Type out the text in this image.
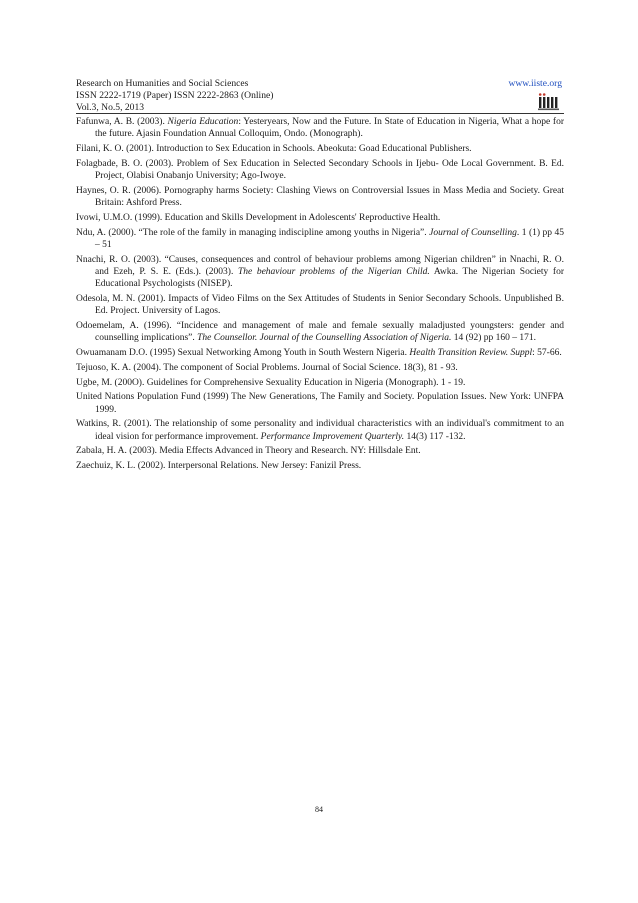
Research on Humanities and Social Sciences
ISSN 2222-1719 (Paper) ISSN 2222-2863 (Online)
Vol.3, No.5, 2013
www.iiste.org
Fafunwa, A. B. (2003). Nigeria Education: Yesteryears, Now and the Future. In State of Education in Nigeria, What a hope for the future. Ajasin Foundation Annual Colloquim, Ondo. (Monograph).
Filani, K. O. (2001). Introduction to Sex Education in Schools. Abeokuta: Goad Educational Publishers.
Folagbade, B. O. (2003). Problem of Sex Education in Selected Secondary Schools in Ijebu- Ode Local Government. B. Ed. Project, Olabisi Onabanjo University; Ago-Iwoye.
Haynes, O. R. (2006). Pornography harms Society: Clashing Views on Controversial Issues in Mass Media and Society. Great Britain: Ashford Press.
Ivowi, U.M.O. (1999). Education and Skills Development in Adolescents' Reproductive Health.
Ndu, A. (2000). “The role of the family in managing indiscipline among youths in Nigeria”. Journal of Counselling. 1 (1) pp 45 – 51
Nnachi, R. O. (2003). “Causes, consequences and control of behaviour problems among Nigerian children” in Nnachi, R. O. and Ezeh, P. S. E. (Eds.). (2003). The behaviour problems of the Nigerian Child. Awka. The Nigerian Society for Educational Psychologists (NISEP).
Odesola, M. N. (2001). Impacts of Video Films on the Sex Attitudes of Students in Senior Secondary Schools. Unpublished B. Ed. Project. University of Lagos.
Odoemelam, A. (1996). “Incidence and management of male and female sexually maladjusted youngsters: gender and counselling implications”. The Counsellor. Journal of the Counselling Association of Nigeria. 14 (92) pp 160 – 171.
Owuamanam D.O. (1995) Sexual Networking Among Youth in South Western Nigeria. Health Transition Review. Suppl: 57-66.
Tejuoso, K. A. (2004). The component of Social Problems. Journal of Social Science. 18(3), 81 - 93.
Ugbe, M. (200O). Guidelines for Comprehensive Sexuality Education in Nigeria (Monograph). 1 - 19.
United Nations Population Fund (1999) The New Generations, The Family and Society. Population Issues. New York: UNFPA 1999.
Watkins, R. (2001). The relationship of some personality and individual characteristics with an individual's commitment to an ideal vision for performance improvement. Performance Improvement Quarterly. 14(3) 117 -132.
Zabala, H. A. (2003). Media Effects Advanced in Theory and Research. NY: Hillsdale Ent.
Zaechuiz, K. L. (2002). Interpersonal Relations. New Jersey: Fanizil Press.
84
